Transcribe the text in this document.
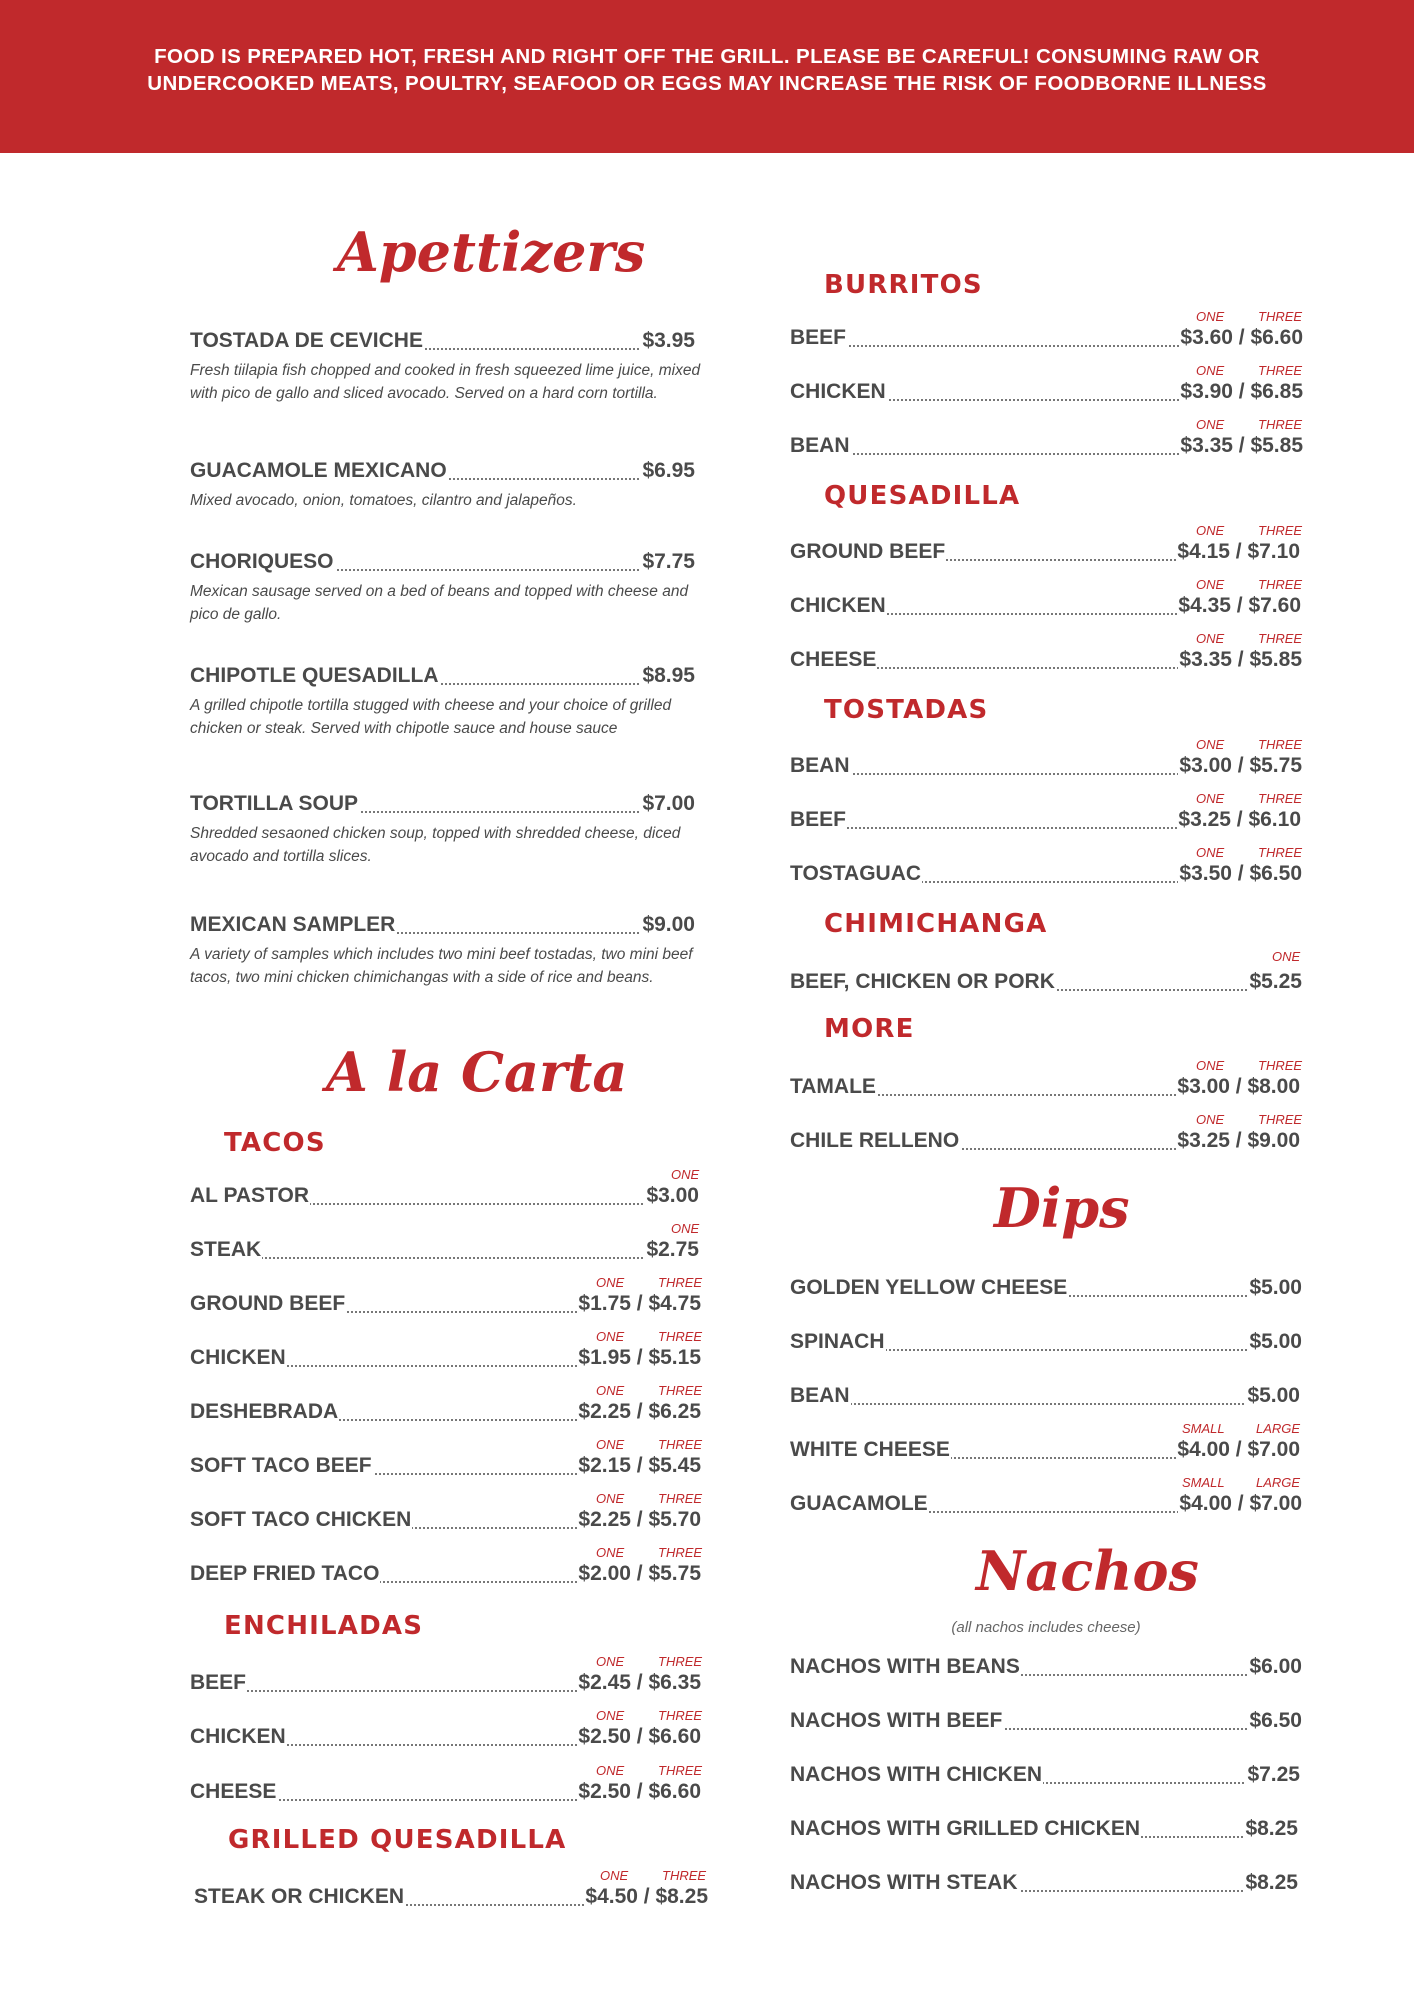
FOOD IS PREPARED HOT, FRESH AND RIGHT OFF THE GRILL. PLEASE BE CAREFUL! CONSUMING RAW OR
UNDERCOOKED MEATS, POULTRY, SEAFOOD OR EGGS MAY INCREASE THE RISK OF FOODBORNE ILLNESS
Apettizers
TOSTADA DE CEVICHE	$3.95
Fresh tiilapia fish chopped and cooked in fresh squeezed lime juice, mixed with pico de gallo and sliced avocado. Served on a hard corn tortilla.
GUACAMOLE MEXICANO	$6.95
Mixed avocado, onion, tomatoes, cilantro and jalapeños.
CHORIQUESO	$7.75
Mexican sausage served on a bed of beans and topped with cheese and pico de gallo.
CHIPOTLE QUESADILLA	$8.95
A grilled chipotle tortilla stugged with cheese and your choice of grilled chicken or steak. Served with chipotle sauce and house sauce
TORTILLA SOUP	$7.00
Shredded sesaoned chicken soup, topped with shredded cheese, diced avocado and tortilla slices.
MEXICAN SAMPLER	$9.00
A variety of samples which includes two mini beef tostadas, two mini beef tacos, two mini chicken chimichangas with a side of rice and beans.
A la Carta
TACOS
ONE
AL PASTOR	$3.00
ONE
STEAK	$2.75
ONE	THREE
GROUND BEEF	$1.75 / $4.75
ONE	THREE
CHICKEN	$1.95 / $5.15
ONE	THREE
DESHEBRADA	$2.25 / $6.25
ONE	THREE
SOFT TACO BEEF	$2.15 / $5.45
ONE	THREE
SOFT TACO CHICKEN	$2.25 / $5.70
ONE	THREE
DEEP FRIED TACO	$2.00 / $5.75
ENCHILADAS
ONE	THREE
BEEF	$2.45 / $6.35
ONE	THREE
CHICKEN	$2.50 / $6.60
ONE	THREE
CHEESE	$2.50 / $6.60
GRILLED QUESADILLA
ONE	THREE
STEAK OR CHICKEN	$4.50 / $8.25
BURRITOS
ONE	THREE
BEEF	$3.60 / $6.60
ONE	THREE
CHICKEN	$3.90 / $6.85
ONE	THREE
BEAN	$3.35 / $5.85
QUESADILLA
ONE	THREE
GROUND BEEF	$4.15 / $7.10
ONE	THREE
CHICKEN	$4.35 / $7.60
ONE	THREE
CHEESE	$3.35 / $5.85
TOSTADAS
ONE	THREE
BEAN	$3.00 / $5.75
ONE	THREE
BEEF	$3.25 / $6.10
ONE	THREE
TOSTAGUAC	$3.50 / $6.50
CHIMICHANGA
ONE
BEEF, CHICKEN OR PORK	$5.25
MORE
ONE	THREE
TAMALE	$3.00 / $8.00
ONE	THREE
CHILE RELLENO	$3.25 / $9.00
Dips
GOLDEN YELLOW CHEESE	$5.00
SPINACH	$5.00
BEAN	$5.00
SMALL LARGE
WHITE CHEESE	$4.00 / $7.00
SMALL LARGE
GUACAMOLE	$4.00 / $7.00
Nachos
(all nachos includes cheese)
NACHOS WITH BEANS	$6.00
NACHOS WITH BEEF	$6.50
NACHOS WITH CHICKEN	$7.25
NACHOS WITH GRILLED CHICKEN	$8.25
NACHOS WITH STEAK	$8.25
